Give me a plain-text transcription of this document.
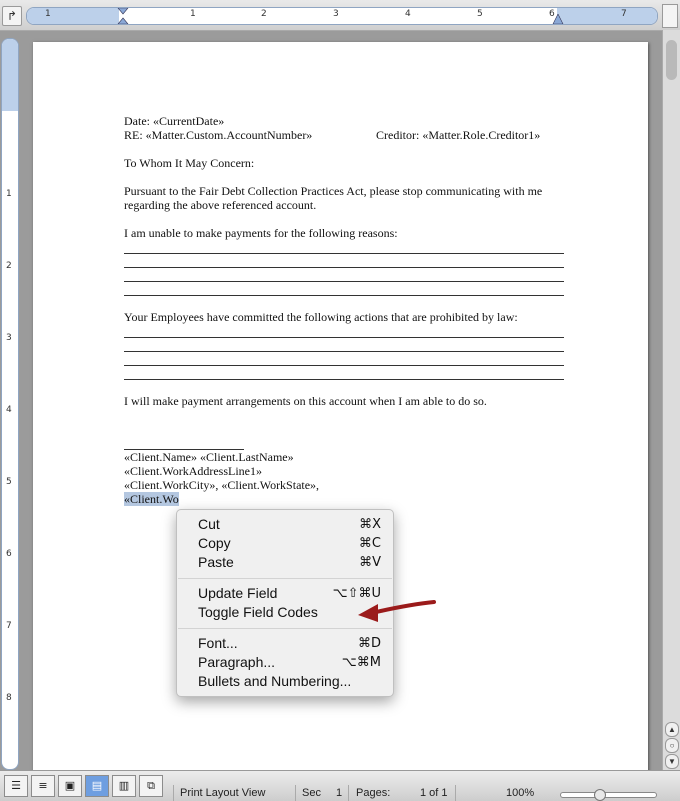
↱	1	1	2	3	4	5	6	7
1
2
3
4
5
6
7
8
▲
○
▼

Date: «CurrentDate»

RE: «Matter.Custom.AccountNumber»	Creditor: «Matter.Role.Creditor1»

To Whom It May Concern:

Pursuant to the Fair Debt Collection Practices Act, please stop communicating with me regarding the above referenced account.

I am unable to make payments for the following reasons:

Your Employees have committed the following actions that are prohibited by law:

I will make payment arrangements on this account when I am able to do so.

«Client.Name» «Client.LastName»

«Client.WorkAddressLine1»

«Client.WorkCity», «Client.WorkState»,

«Client.Wo

Cut	⌘X
Copy	⌘C
Paste	⌘V
Update Field	⌥⇧⌘U
Toggle Field Codes
Font...	⌘D
Paragraph...	⌥⌘M
Bullets and Numbering...
☰	≡	▣	▤	▥	⧉
Print Layout View	Sec 1 Pages:	1 of 1	100%
